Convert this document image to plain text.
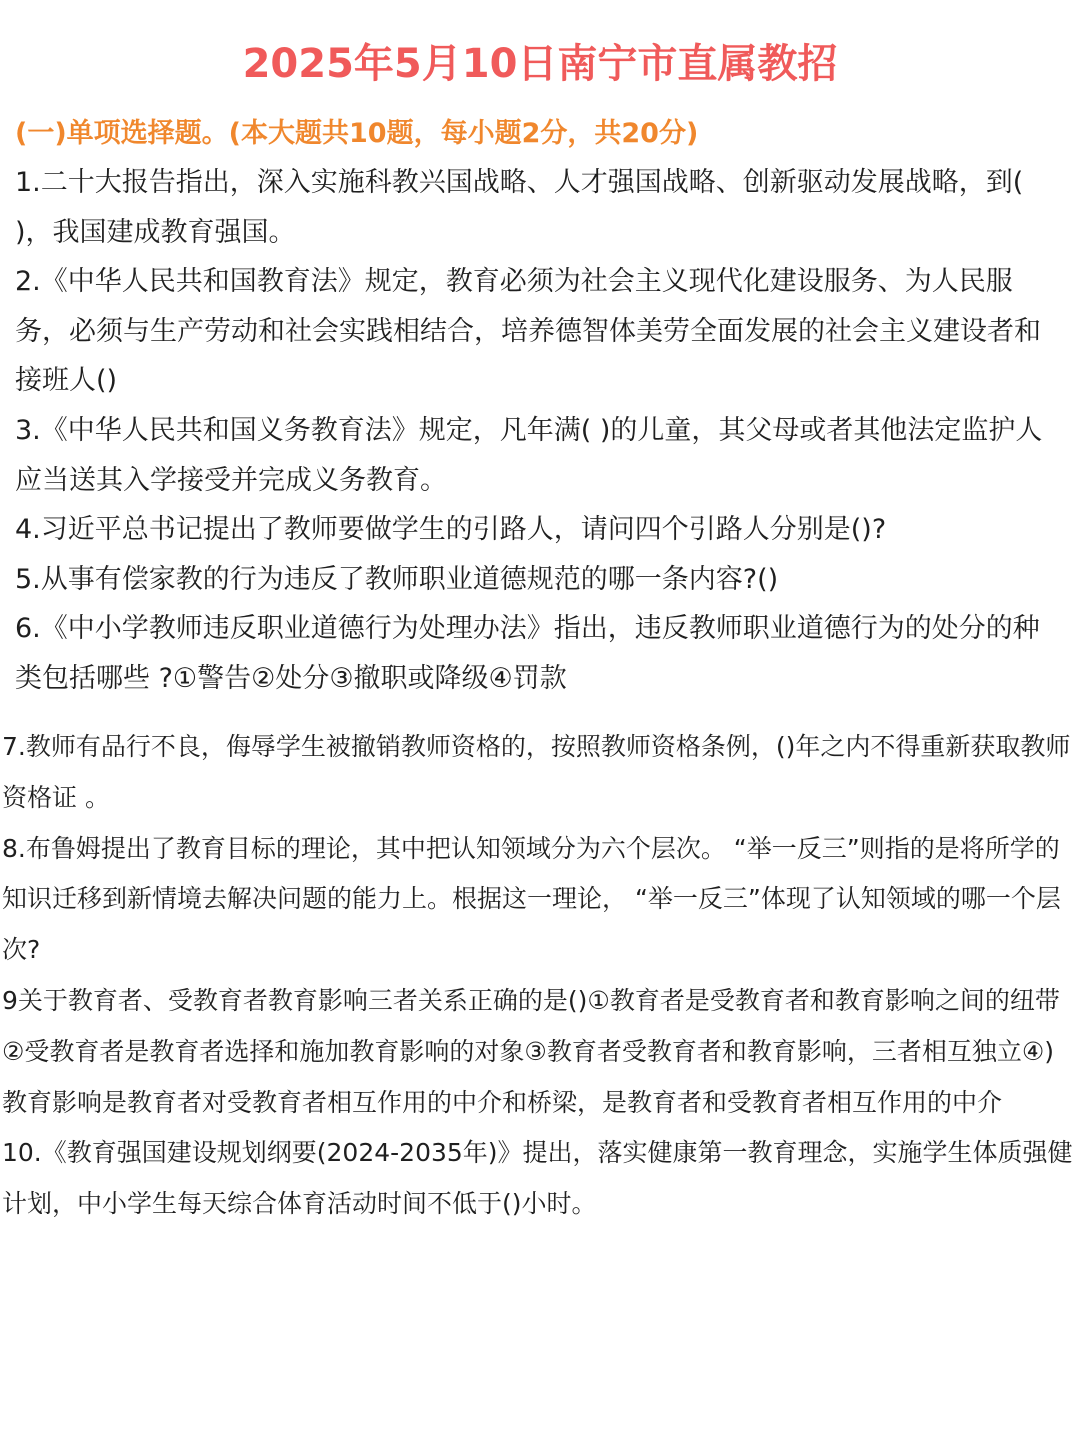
2025年5月10日南宁市直属教招
(一)单项选择题。(本大题共10题，每小题2分，共20分)
1.二十大报告指出，深入实施科教兴国战略、人才强国战略、创新驱动发展战略，到( )，我国建成教育强国。
2.《中华人民共和国教育法》规定，教育必须为社会主义现代化建设服务、为人民服务，必须与生产劳动和社会实践相结合，培养德智体美劳全面发展的社会主义建设者和接班人()
3.《中华人民共和国义务教育法》规定，凡年满( )的儿童，其父母或者其他法定监护人应当送其入学接受并完成义务教育。
4.习近平总书记提出了教师要做学生的引路人，请问四个引路人分别是()?
5.从事有偿家教的行为违反了教师职业道德规范的哪一条内容?()
6.《中小学教师违反职业道德行为处理办法》指出，违反教师职业道德行为的处分的种类包括哪些 ?①警告②处分③撤职或降级④罚款
7.教师有品行不良，侮辱学生被撤销教师资格的，按照教师资格条例，()年之内不得重新获取教师资格证 。
8.布鲁姆提出了教育目标的理论，其中把认知领域分为六个层次。 “举一反三”则指的是将所学的知识迁移到新情境去解决问题的能力上。根据这一理论， “举一反三”体现了认知领域的哪一个层次?
9关于教育者、受教育者教育影响三者关系正确的是()①教育者是受教育者和教育影响之间的纽带②受教育者是教育者选择和施加教育影响的对象③教育者受教育者和教育影响，三者相互独立④)教育影响是教育者对受教育者相互作用的中介和桥梁，是教育者和受教育者相互作用的中介
10.《教育强国建设规划纲要(2024-2035年)》提出，落实健康第一教育理念，实施学生体质强健计划，中小学生每天综合体育活动时间不低于()小时。
